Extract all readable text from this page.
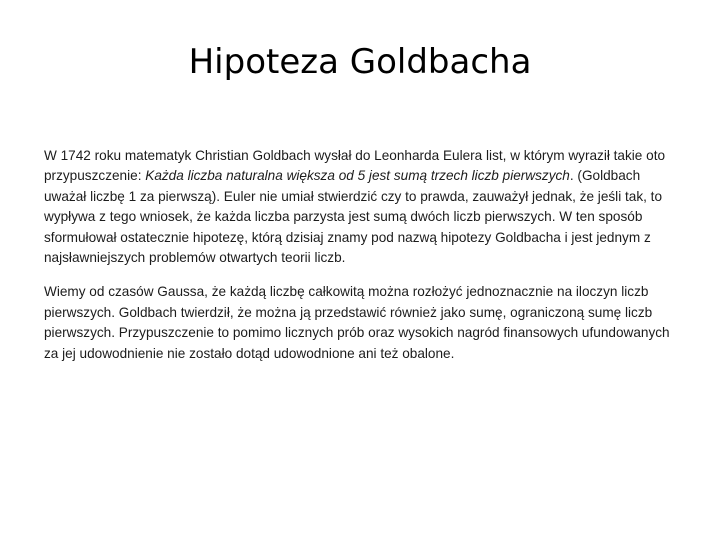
Hipoteza Goldbacha

W 1742 roku matematyk Christian Goldbach wysłał do Leonharda Eulera list, w którym wyraził takie oto przypuszczenie: Każda liczba naturalna większa od 5 jest sumą trzech liczb pierwszych. (Goldbach uważał liczbę 1 za pierwszą). Euler nie umiał stwierdzić czy to prawda, zauważył jednak, że jeśli tak, to wypływa z tego wniosek, że każda liczba parzysta jest sumą dwóch liczb pierwszych. W ten sposób sformułował ostatecznie hipotezę, którą dzisiaj znamy pod nazwą hipotezy Goldbacha i jest jednym z najsławniejszych problemów otwartych teorii liczb.

Wiemy od czasów Gaussa, że każdą liczbę całkowitą można rozłożyć jednoznacznie na iloczyn liczb pierwszych. Goldbach twierdził, że można ją przedstawić również jako sumę, ograniczoną sumę liczb pierwszych. Przypuszczenie to pomimo licznych prób oraz wysokich nagród finansowych ufundowanych za jej udowodnienie nie zostało dotąd udowodnione ani też obalone.
